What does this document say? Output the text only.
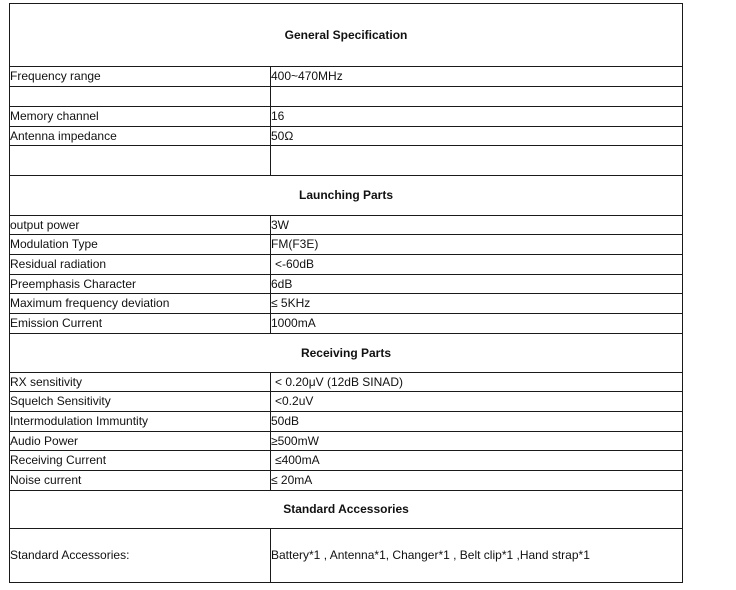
General Specification	
Frequency range	400~470MHz

Memory channel	16
Antenna impedance	50Ω

Launching Parts	
output power	3W
Modulation Type	FM(F3E)
Residual radiation	<-60dB
Preemphasis Character	6dB
Maximum frequency deviation	≤ 5KHz
Emission Current	1000mA
Receiving Parts	
RX sensitivity	< 0.20μV (12dB SINAD)
Squelch Sensitivity	<0.2uV
Intermodulation Immuntity	50dB
Audio Power	≥500mW
Receiving Current	≤400mA
Noise current	≤ 20mA
Standard Accessories	
Standard Accessories:	Battery*1 , Antenna*1, Changer*1 , Belt clip*1 ,Hand strap*1
